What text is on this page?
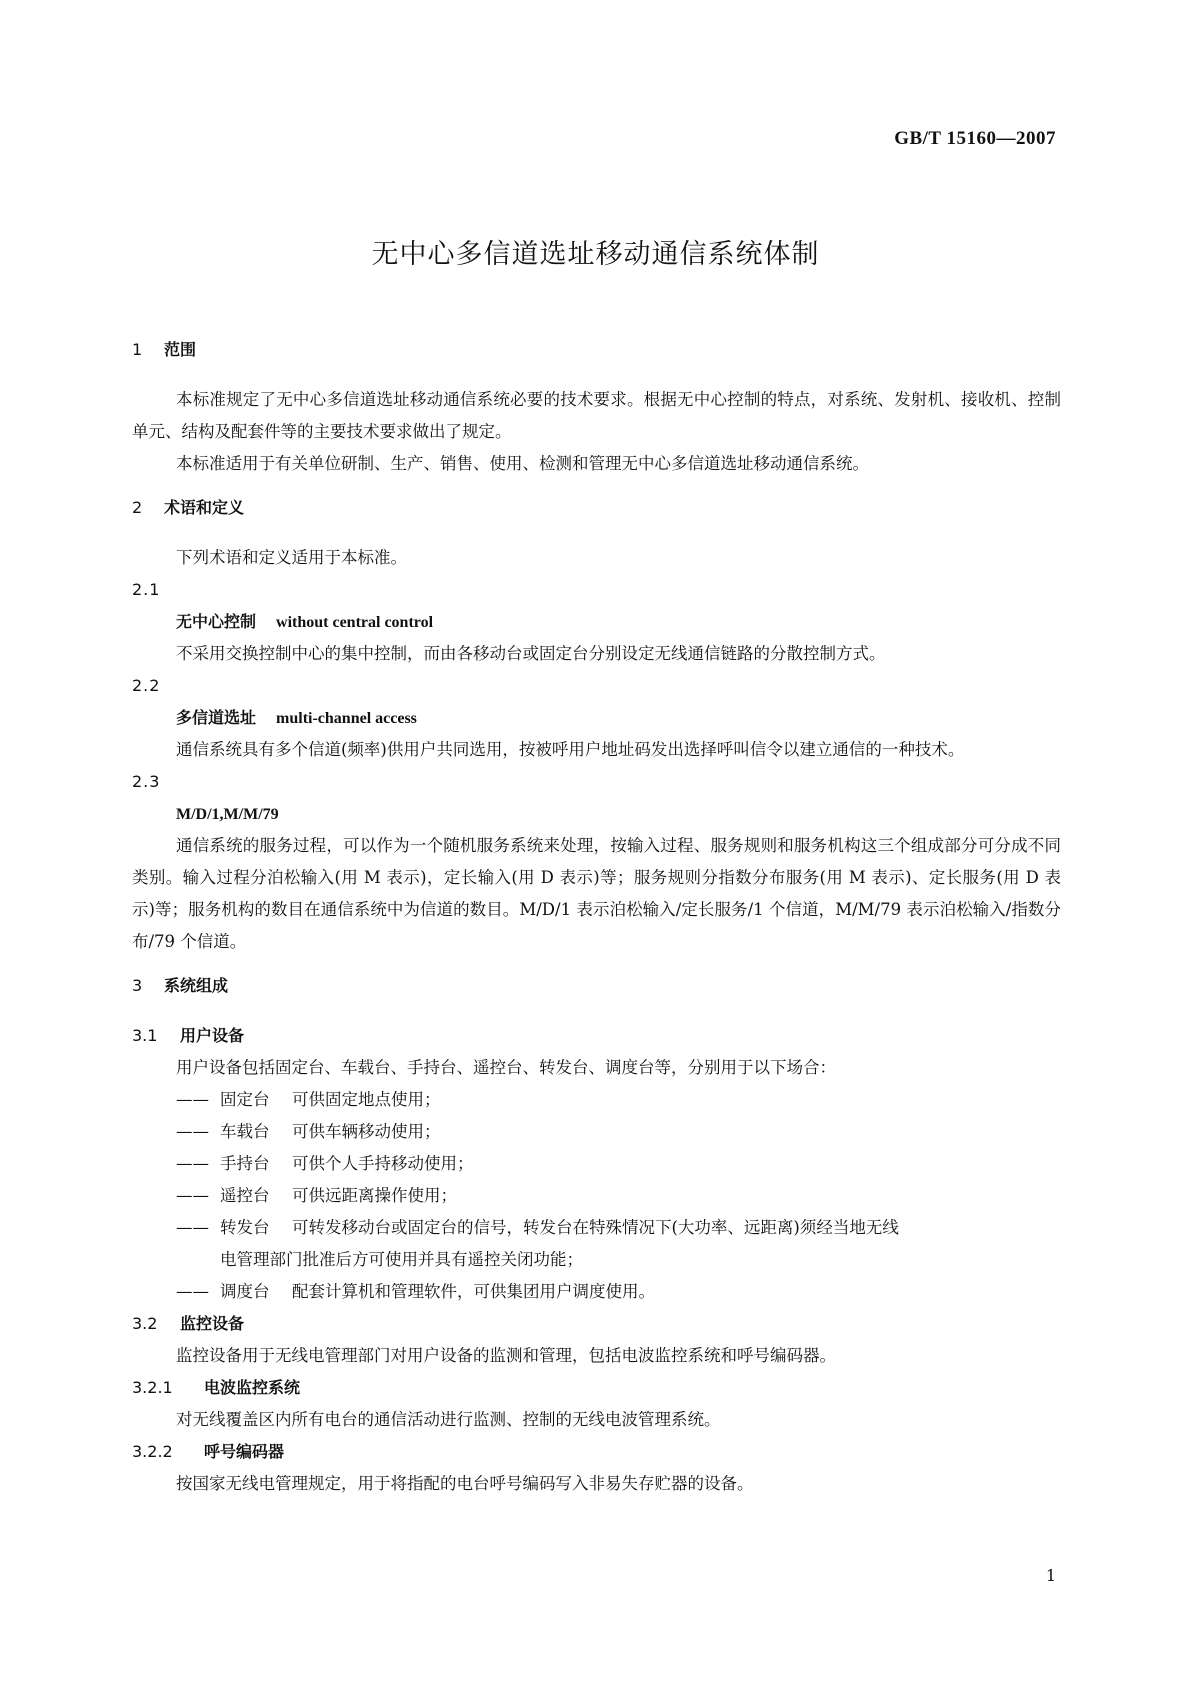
GB/T 15160—2007
无中心多信道选址移动通信系统体制
1 范围
本标准规定了无中心多信道选址移动通信系统必要的技术要求。根据无中心控制的特点，对系统、发射机、接收机、控制单元、结构及配套件等的主要技术要求做出了规定。
本标准适用于有关单位研制、生产、销售、使用、检测和管理无中心多信道选址移动通信系统。
2 术语和定义
下列术语和定义适用于本标准。
2.1
无中心控制 without central control
不采用交换控制中心的集中控制，而由各移动台或固定台分别设定无线通信链路的分散控制方式。
2.2
多信道选址 multi-channel access
通信系统具有多个信道(频率)供用户共同选用，按被呼用户地址码发出选择呼叫信令以建立通信的一种技术。
2.3
M/D/1,M/M/79
通信系统的服务过程，可以作为一个随机服务系统来处理，按输入过程、服务规则和服务机构这三个组成部分可分成不同类别。输入过程分泊松输入(用 M 表示)，定长输入(用 D 表示)等；服务规则分指数分布服务(用 M 表示)、定长服务(用 D 表示)等；服务机构的数目在通信系统中为信道的数目。M/D/1 表示泊松输入/定长服务/1 个信道，M/M/79 表示泊松输入/指数分布/79 个信道。
3 系统组成
3.1 用户设备
用户设备包括固定台、车载台、手持台、遥控台、转发台、调度台等，分别用于以下场合：
—— 固定台 可供固定地点使用；
—— 车载台 可供车辆移动使用；
—— 手持台 可供个人手持移动使用；
—— 遥控台 可供远距离操作使用；
—— 转发台 可转发移动台或固定台的信号，转发台在特殊情况下(大功率、远距离)须经当地无线
电管理部门批准后方可使用并具有遥控关闭功能；
—— 调度台 配套计算机和管理软件，可供集团用户调度使用。
3.2 监控设备
监控设备用于无线电管理部门对用户设备的监测和管理，包括电波监控系统和呼号编码器。
3.2.1 电波监控系统
对无线覆盖区内所有电台的通信活动进行监测、控制的无线电波管理系统。
3.2.2 呼号编码器
按国家无线电管理规定，用于将指配的电台呼号编码写入非易失存贮器的设备。
1
